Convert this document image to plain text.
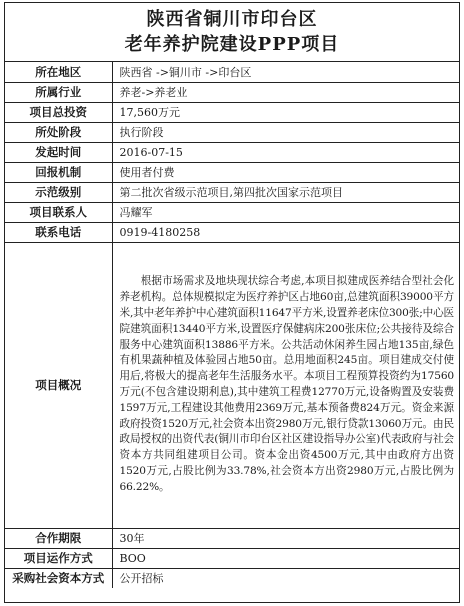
陕西省铜川市印台区
老年养护院建设PPP项目
所在地区	陕西省 ->铜川市 ->印台区
所属行业	养老->养老业
项目总投资	17,560万元
所处阶段	执行阶段
发起时间	2016-07-15
回报机制	使用者付费
示范级别	第二批次省级示范项目,第四批次国家示范项目
项目联系人	冯耀军
联系电话	0919-4180258
项目概况	根据市场需求及地块现状综合考虑,本项目拟建成医养结合型社会化养老机构。总体规模拟定为医疗养护区占地60亩,总建筑面积39000平方米,其中老年养护中心建筑面积11647平方米,设置养老床位300张;中心医院建筑面积13440平方米,设置医疗保健病床200张床位;公共接待及综合服务中心建筑面积13886平方米。公共活动休闲养生园占地135亩,绿色有机果蔬种植及体验园占地50亩。总用地面积245亩。项目建成交付使用后,将极大的提高老年生活服务水平。本项目工程预算投资约为17560万元(不包含建设期利息),其中建筑工程费12770万元,设备购置及安装费1597万元,工程建设其他费用2369万元,基本预备费824万元。资金来源政府投资1520万元,社会资本出资2980万元,银行贷款13060万元。由民政局授权的出资代表(铜川市印台区社区建设指导办公室)代表政府与社会资本方共同组建项目公司。资本金出资4500万元,其中由政府方出资1520万元,占股比例为33.78%,社会资本方出资2980万元,占股比例为66.22%。
合作期限	30年
项目运作方式	BOO
采购社会资本方式	公开招标
